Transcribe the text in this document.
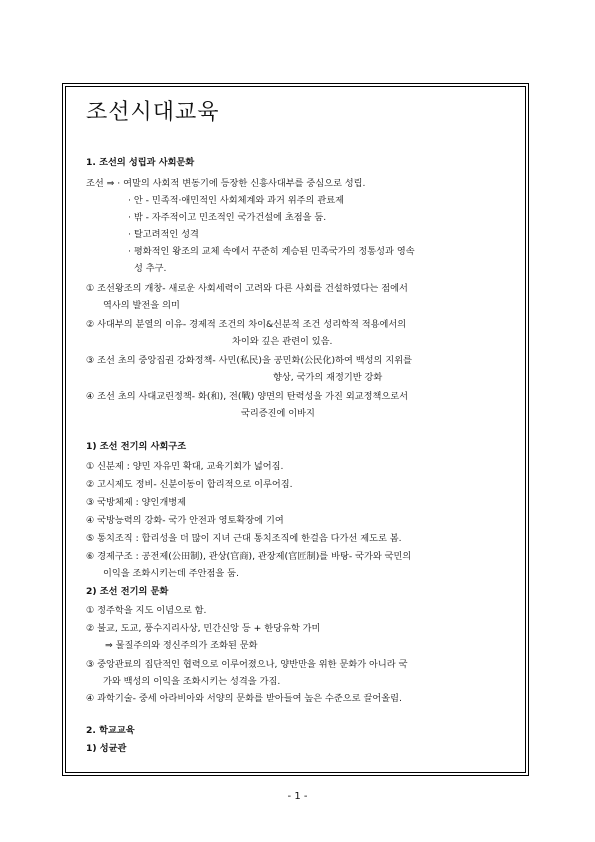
조선시대교육
1. 조선의 성립과 사회문화
조선 ⇒ · 여말의 사회적 변동기에 등장한 신흥사대부를 중심으로 성립.
· 안 - 민족적·애민적인 사회체계와 과거 위주의 관료제
· 밖 - 자주적이고 민조적인 국가건설에 초점을 둠.
· 탈고려적인 성격
· 평화적인 왕조의 교체 속에서 꾸준히 계승된 민족국가의 정통성과 영속
성 추구.
① 조선왕조의 개창- 새로운 사회세력이 고려와 다른 사회를 건설하였다는 점에서
역사의 발전을 의미
② 사대부의 분열의 이유- 경제적 조건의 차이&신분적 조건 성리학적 적용에서의
차이와 깊은 관련이 있음.
③ 조선 초의 중앙집권 강화정책- 사민(私民)을 공민화(公民化)하여 백성의 지위를
향상, 국가의 재정기반 강화
④ 조선 초의 사대교린정책- 화(和), 전(戰) 양면의 탄력성을 가진 외교정책으로서
국리증진에 이바지
1) 조선 전기의 사회구조
① 신분제 : 양민 자유민 확대, 교육기회가 넓어짐.
② 고시제도 정비- 신분이동이 합리적으로 이루어짐.
③ 국방체제 : 양인개병제
④ 국방능력의 강화- 국가 안전과 영토확장에 기여
⑤ 통치조직 : 합리성을 더 많이 지녀 근대 통치조직에 한걸음 다가선 제도로 봄.
⑥ 경제구조 : 공전제(公田制), 관상(官商), 관장제(官匠制)를 바탕- 국가와 국민의
이익을 조화시키는데 주안점을 둠.
2) 조선 전기의 문화
① 정주학을 지도 이념으로 함.
② 불교, 도교, 풍수지리사상, 민간신앙 등 + 한당유학 가미
⇒ 물질주의와 정신주의가 조화된 문화
③ 중앙관료의 집단적인 협력으로 이루어졌으나, 양반만을 위한 문화가 아니라 국
가와 백성의 이익을 조화시키는 성격을 가짐.
④ 과학기술- 중세 아라비아와 서양의 문화를 받아들여 높은 수준으로 끌어올림.
2. 학교교육
1) 성균관
- 1 -
